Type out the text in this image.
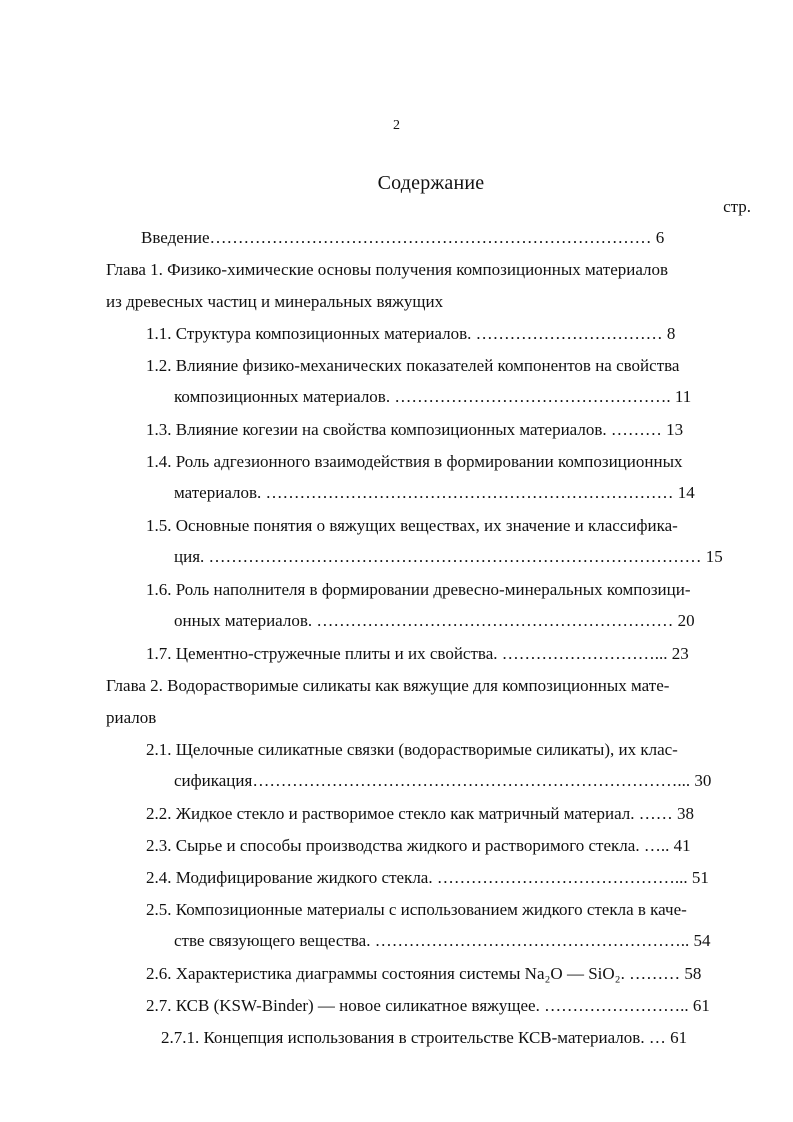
2
Содержание
стр.
Введение…………………………………………………………………… 6
Глава 1. Физико-химические основы получения композиционных материалов
из древесных частиц и минеральных вяжущих
1.1. Структура композиционных материалов. …………………………… 8
1.2. Влияние физико-механических показателей компонентов на свойства
композиционных материалов. …………………………………………. 11
1.3. Влияние когезии на свойства композиционных материалов. ……… 13
1.4. Роль адгезионного взаимодействия в формировании композиционных
материалов. ……………………………………………………………… 14
1.5. Основные понятия о вяжущих веществах, их значение и классифика-
ция. …………………………………………………………………………… 15
1.6. Роль наполнителя в формировании древесно-минеральных композици-
онных материалов. ……………………………………………………… 20
1.7. Цементно-стружечные плиты и их свойства. ………………………... 23
Глава 2. Водорастворимые силикаты как вяжущие для композиционных мате-
риалов
2.1. Щелочные силикатные связки (водорастворимые силикаты), их клас-
сификация…………………………………………………………………... 30
2.2. Жидкое стекло и растворимое стекло как матричный материал. …… 38
2.3. Сырье и способы производства жидкого и растворимого стекла. ….. 41
2.4. Модифицирование жидкого стекла. ……………………………………... 51
2.5. Композиционные материалы с использованием жидкого стекла в каче-
стве связующего вещества. ……………………………………………….. 54
2.6. Характеристика диаграммы состояния системы Na₂O — SiO₂. ……… 58
2.7. КСВ (KSW-Binder) — новое силикатное вяжущее. …………………….. 61
2.7.1. Концепция использования в строительстве КСВ-материалов. … 61
